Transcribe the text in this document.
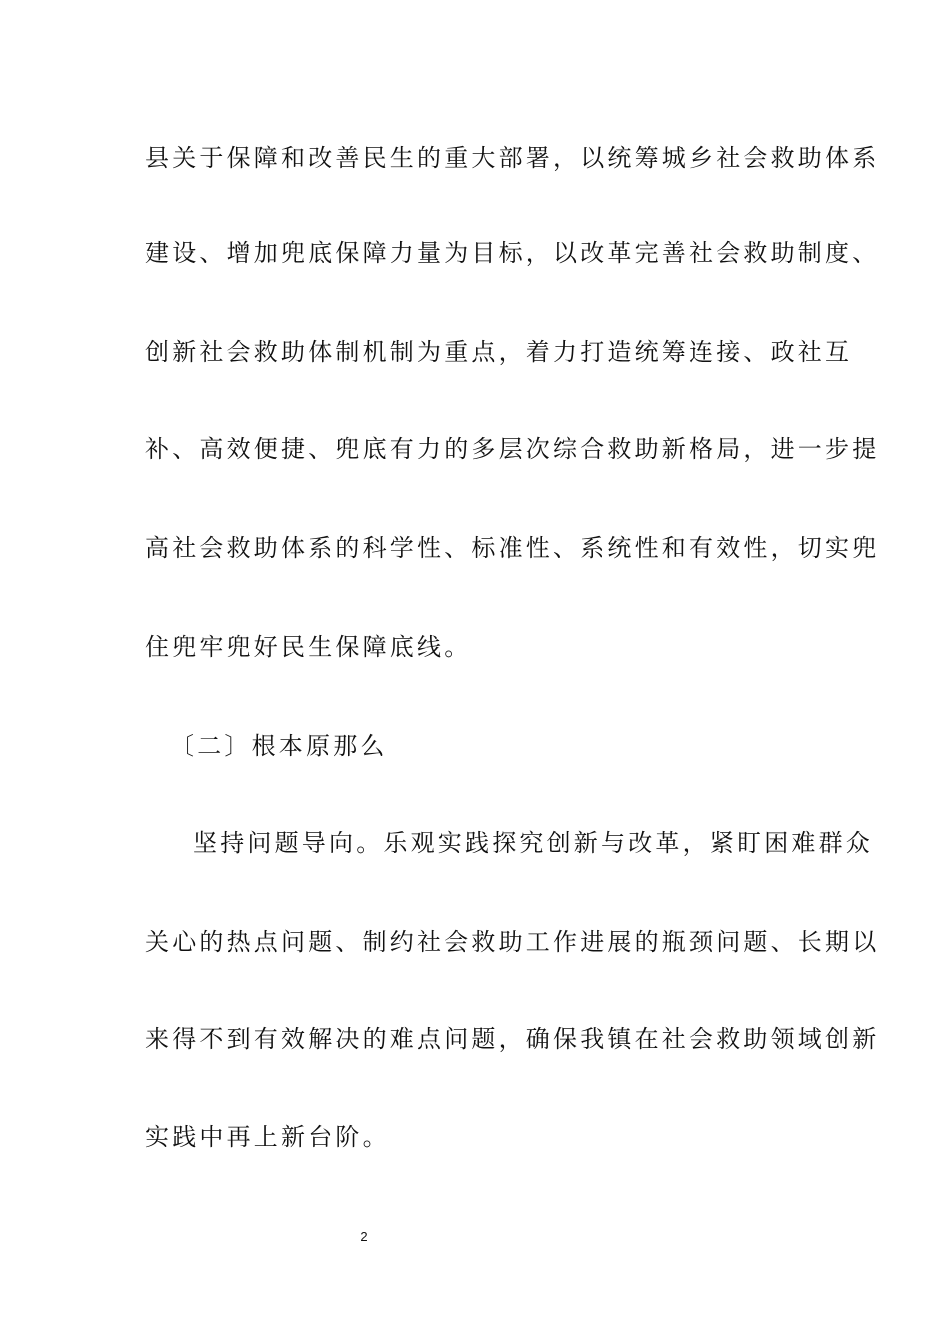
县关于保障和改善民生的重大部署，以统筹城乡社会救助体系
建设、增加兜底保障力量为目标，以改革完善社会救助制度、
创新社会救助体制机制为重点，着力打造统筹连接、政社互
补、高效便捷、兜底有力的多层次综合救助新格局，进一步提
高社会救助体系的科学性、标准性、系统性和有效性，切实兜
住兜牢兜好民生保障底线。
〔二〕根本原那么
坚持问题导向。乐观实践探究创新与改革，紧盯困难群众
关心的热点问题、制约社会救助工作进展的瓶颈问题、长期以
来得不到有效解决的难点问题，确保我镇在社会救助领域创新
实践中再上新台阶。
2
